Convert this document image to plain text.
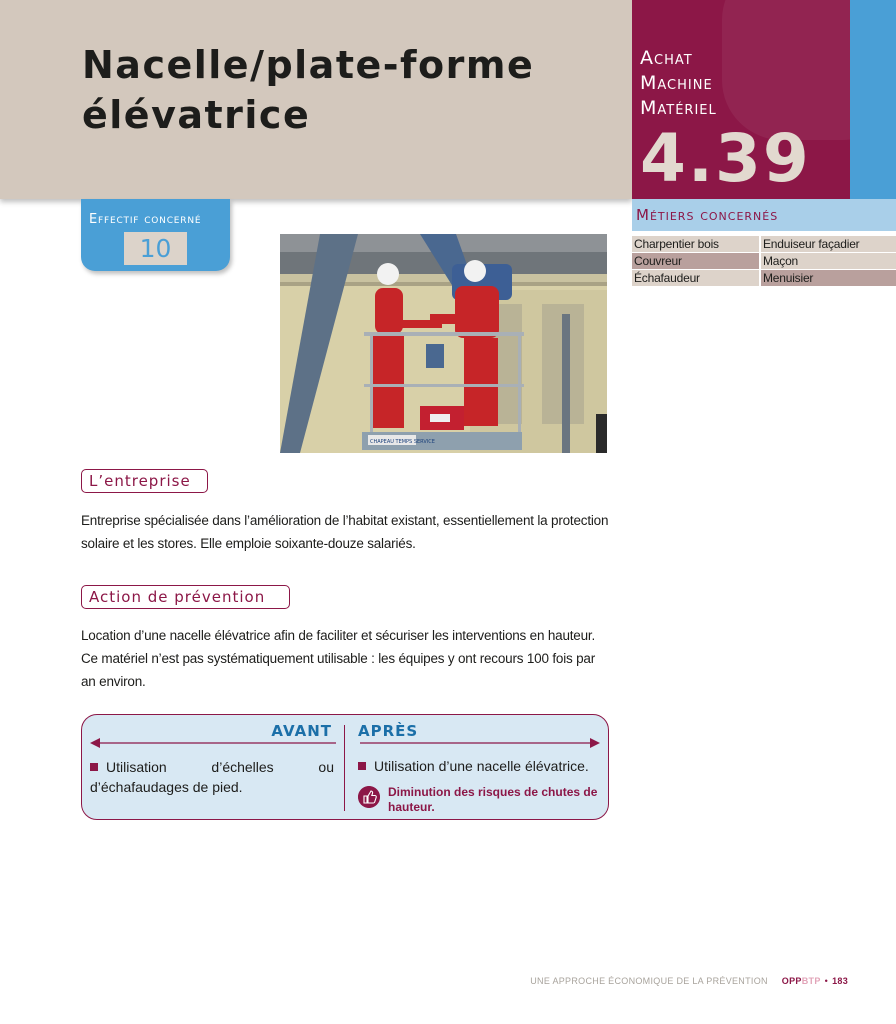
Nacelle/plate-forme
élévatrice
Achat
Machine
Matériel
4.39
Métiers concernés
Charpentier bois	Enduiseur façadier
Couvreur	Maçon
Échafaudeur	Menuisier
Effectif concerné
10
CHAPEAU TEMPS SERVICE
L’entreprise

Entreprise spécialisée dans l’amélioration de l’habitat existant, essentiellement la protection solaire et les stores. Elle emploie soixante-douze salariés.

Action de prévention

Location d’une nacelle élévatrice afin de faciliter et sécuriser les interventions en hauteur. Ce matériel n’est pas systématiquement utilisable : les équipes y ont recours 100 fois par an environ.

AVANT APRÈS
Utilisation d’échelles ou d’échafaudages de pied.
Utilisation d’une nacelle élévatrice.
Diminution des risques de chutes de hauteur.
UNE APPROCHE ÉCONOMIQUE DE LA PRÉVENTION OPPBTP • 183
